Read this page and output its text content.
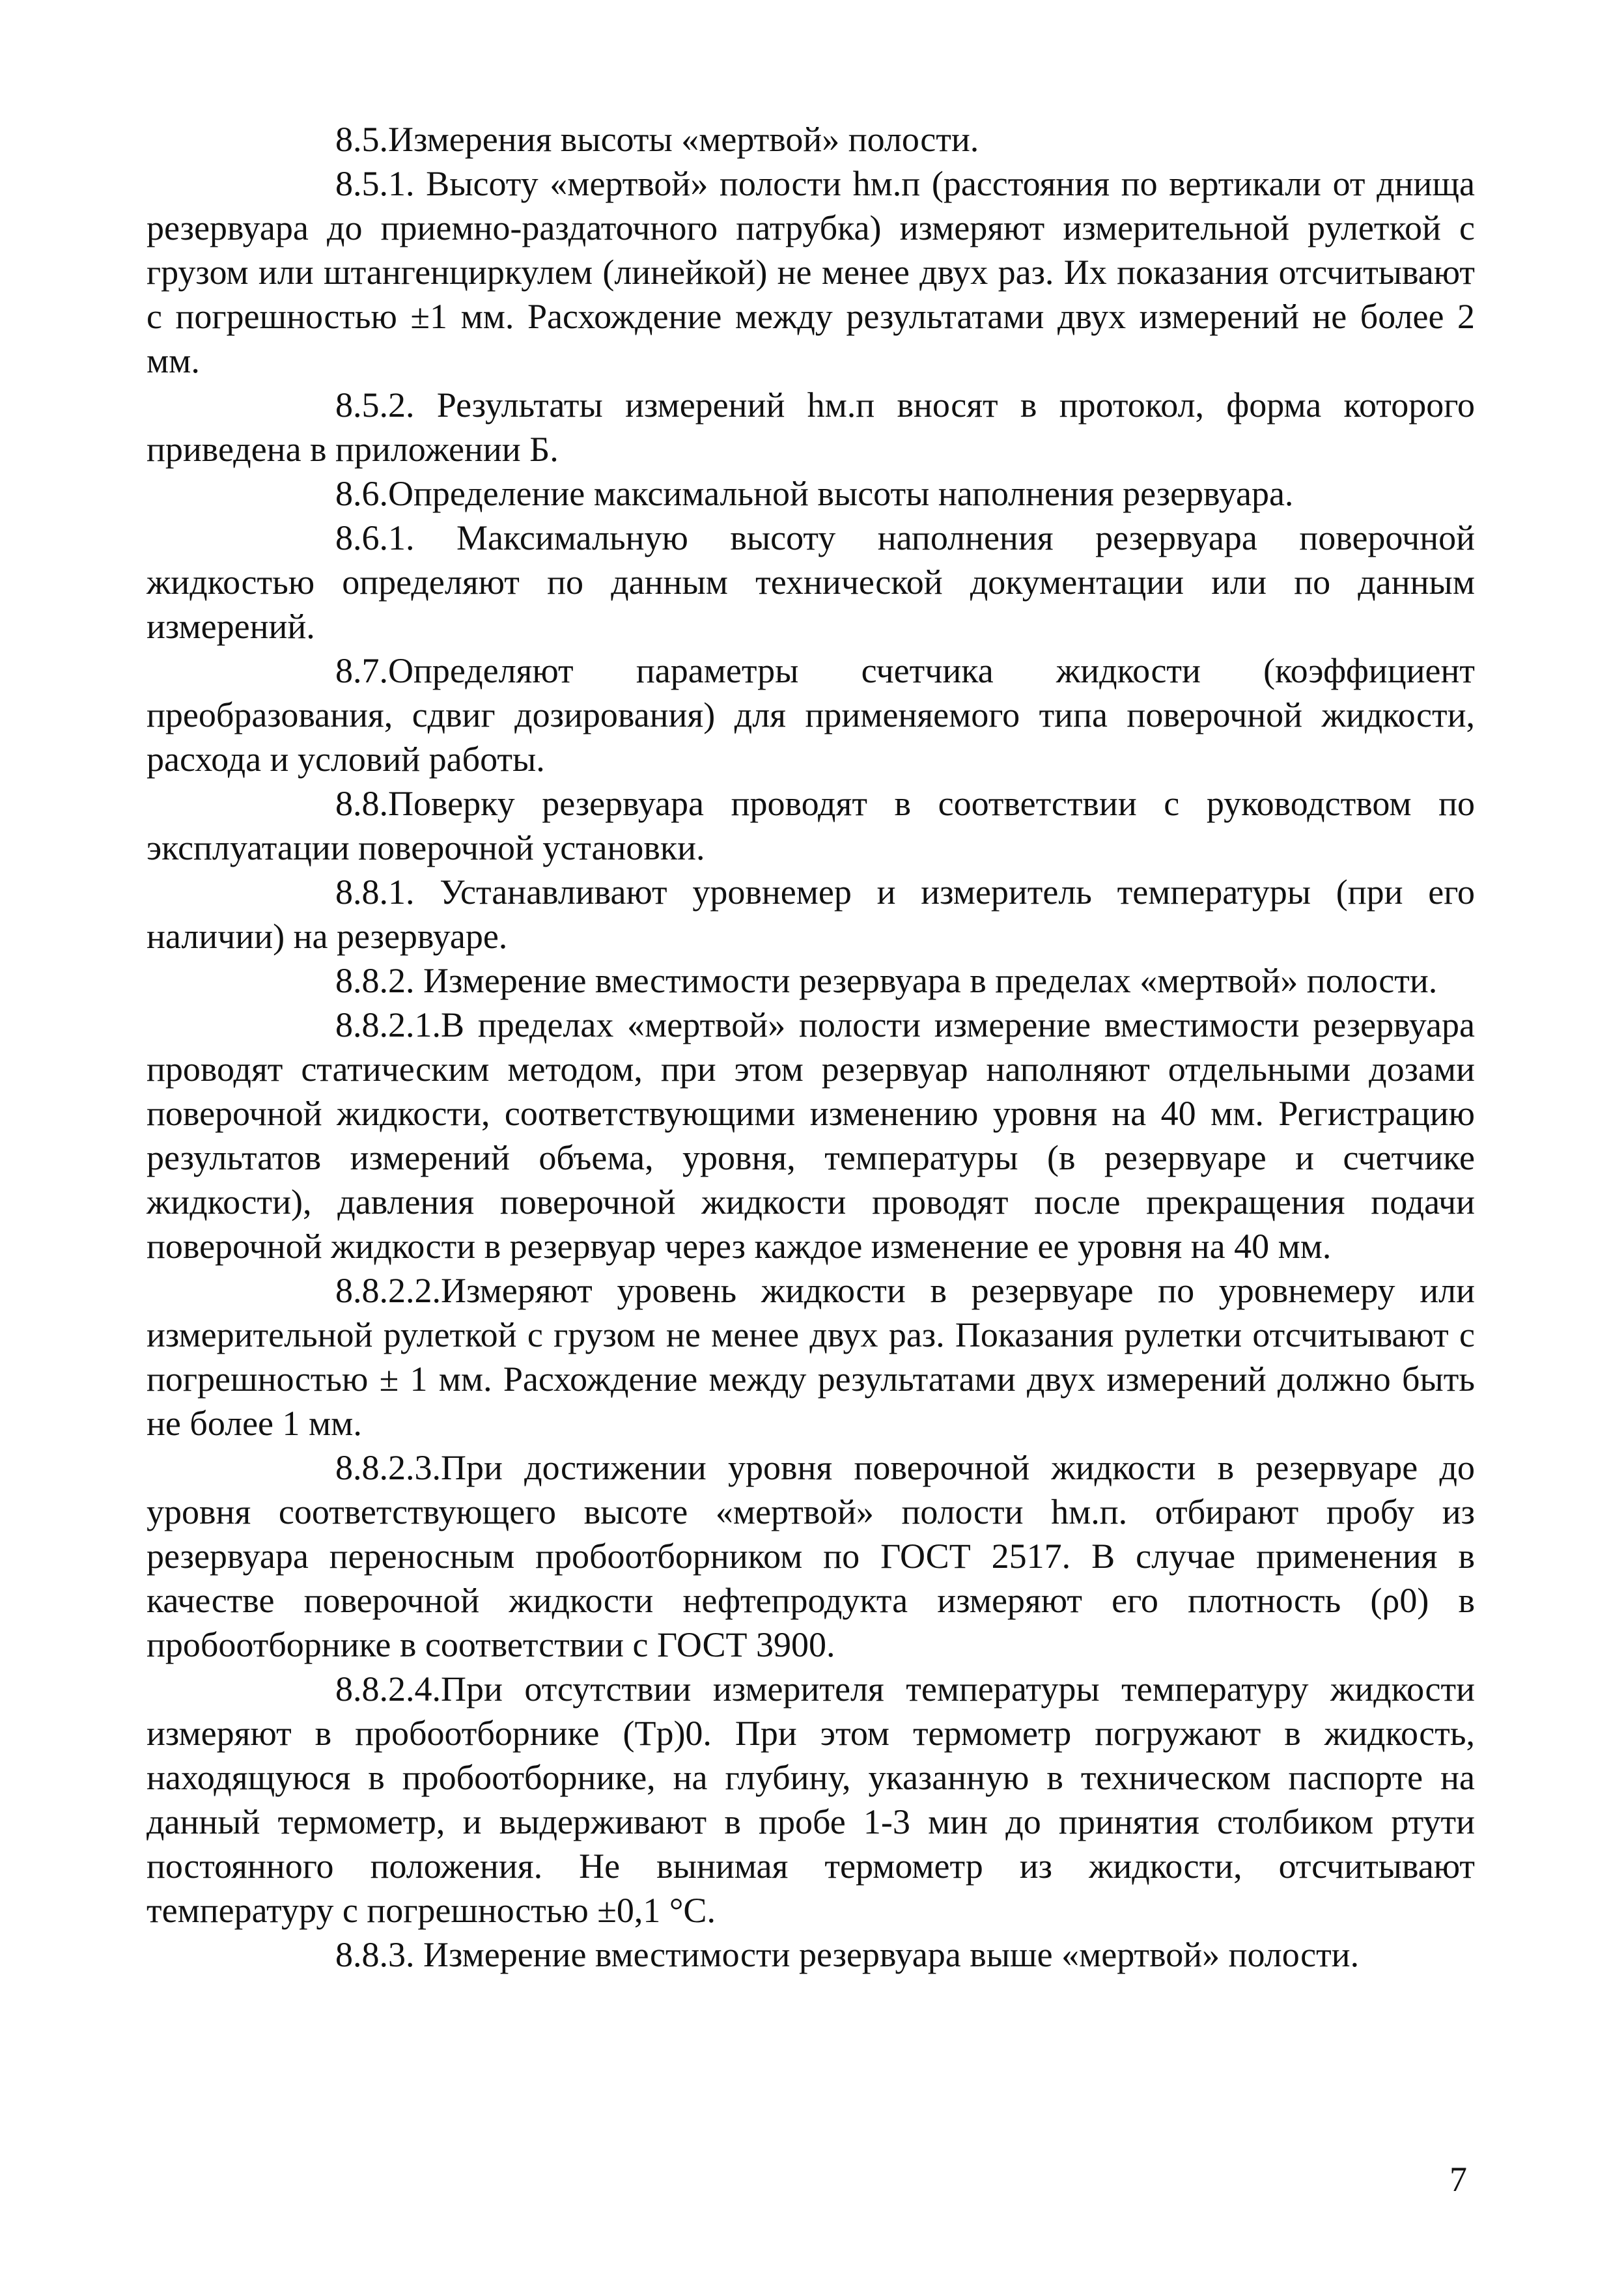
8.5.Измерения высоты «мертвой» полости.

8.5.1. Высоту «мертвой» полости hм.п (расстояния по вертикали от днища резервуара до приемно-раздаточного патрубка) измеряют измерительной рулеткой с грузом или штангенциркулем (линейкой) не менее двух раз. Их показания отсчитывают с погрешностью ±1 мм. Расхождение между результатами двух измерений не более 2 мм.

8.5.2. Результаты измерений hм.п вносят в протокол, форма которого приведена в приложении Б.

8.6.Определение максимальной высоты наполнения резервуара.

8.6.1. Максимальную высоту наполнения резервуара поверочной жидкостью определяют по данным технической документации или по данным измерений.

8.7.Определяют параметры счетчика жидкости (коэффициент преобразования, сдвиг дозирования) для применяемого типа поверочной жидкости, расхода и условий работы.

8.8.Поверку резервуара проводят в соответствии с руководством по эксплуатации поверочной установки.

8.8.1. Устанавливают уровнемер и измеритель температуры (при его наличии) на резервуаре.

8.8.2. Измерение вместимости резервуара в пределах «мертвой» полости.

8.8.2.1.В пределах «мертвой» полости измерение вместимости резервуара проводят статическим методом, при этом резервуар наполняют отдельными дозами поверочной жидкости, соответствующими изменению уровня на 40 мм. Регистрацию результатов измерений объема, уровня, температуры (в резервуаре и счетчике жидкости), давления поверочной жидкости проводят после прекращения подачи поверочной жидкости в резервуар через каждое изменение ее уровня на 40 мм.

8.8.2.2.Измеряют уровень жидкости в резервуаре по уровнемеру или измерительной рулеткой с грузом не менее двух раз. Показания рулетки отсчитывают с погрешностью ± 1 мм. Расхождение между результатами двух измерений должно быть не более 1 мм.

8.8.2.3.При достижении уровня поверочной жидкости в резервуаре до уровня соответствующего высоте «мертвой» полости hм.п. отбирают пробу из резервуара переносным пробоотборником по ГОСТ 2517. В случае применения в качестве поверочной жидкости нефтепродукта измеряют его плотность (ρ0) в пробоотборнике в соответствии с ГОСТ 3900.

8.8.2.4.При отсутствии измерителя температуры температуру жидкости измеряют в пробоотборнике (Tp)0. При этом термометр погружают в жидкость, находящуюся в пробоотборнике, на глубину, указанную в техническом паспорте на данный термометр, и выдерживают в пробе 1-3 мин до принятия столбиком ртути постоянного положения. Не вынимая термометр из жидкости, отсчитывают температуру с погрешностью ±0,1 °С.

8.8.3. Измерение вместимости резервуара выше «мертвой» полости.

7
